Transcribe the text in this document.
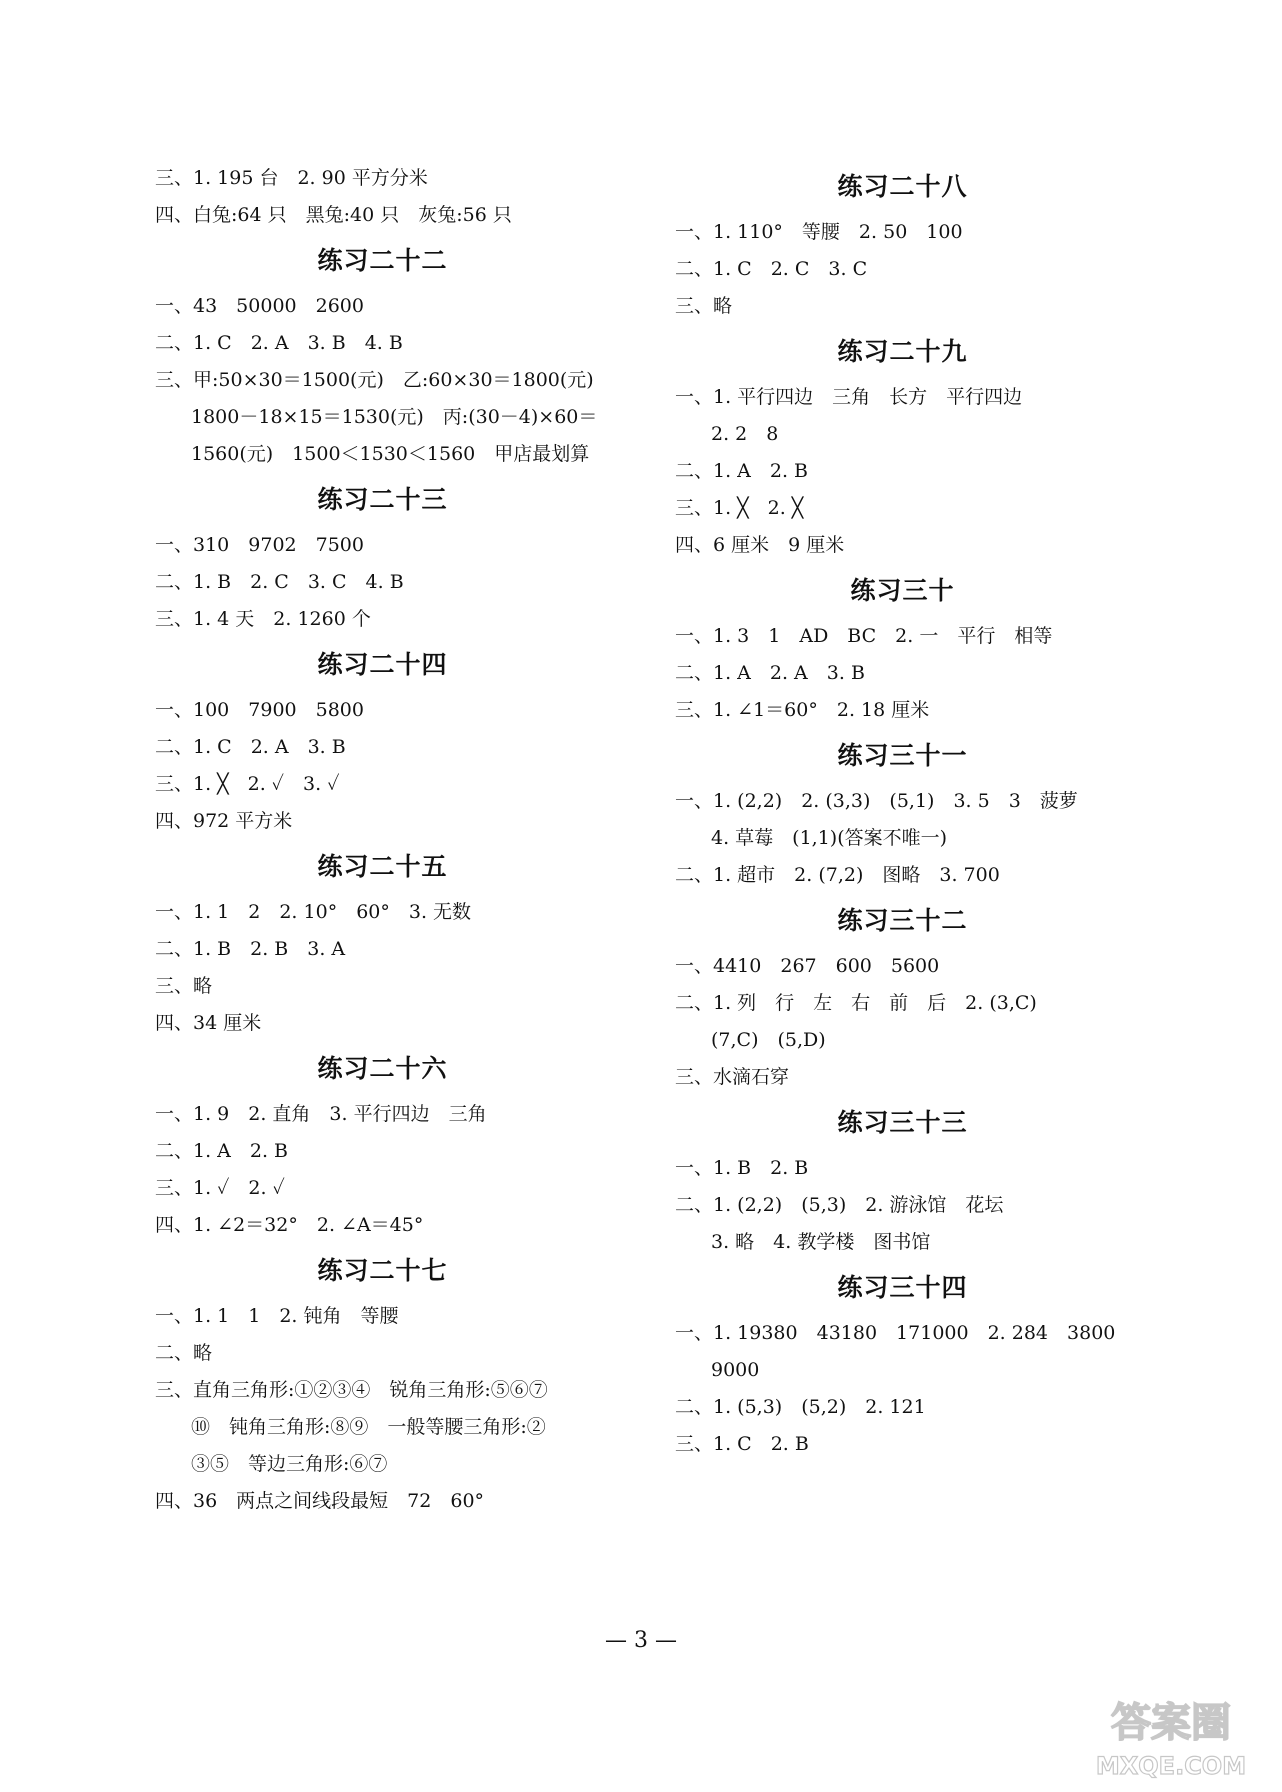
三、1. 195 台　2. 90 平方分米
四、白兔:64 只　黑兔:40 只　灰兔:56 只
练习二十二
一、43　50000　2600
二、1. C　2. A　3. B　4. B
三、甲:50×30＝1500(元)　乙:60×30＝1800(元)
1800－18×15＝1530(元)　丙:(30－4)×60＝
1560(元)　1500＜1530＜1560　甲店最划算
练习二十三
一、310　9702　7500
二、1. B　2. C　3. C　4. B
三、1. 4 天　2. 1260 个
练习二十四
一、100　7900　5800
二、1. C　2. A　3. B
三、1. ╳　2. ✓　3. ✓
四、972 平方米
练习二十五
一、1. 1　2　2. 10°　60°　3. 无数
二、1. B　2. B　3. A
三、略
四、34 厘米
练习二十六
一、1. 9　2. 直角　3. 平行四边　三角
二、1. A　2. B
三、1. ✓　2. ✓
四、1. ∠2＝32°　2. ∠A＝45°
练习二十七
一、1. 1　1　2. 钝角　等腰
二、略
三、直角三角形:①②③④　锐角三角形:⑤⑥⑦
⑩　钝角三角形:⑧⑨　一般等腰三角形:②
③⑤　等边三角形:⑥⑦
四、36　两点之间线段最短　72　60°
练习二十八
一、1. 110°　等腰　2. 50　100
二、1. C　2. C　3. C
三、略
练习二十九
一、1. 平行四边　三角　长方　平行四边
2. 2　8
二、1. A　2. B
三、1. ╳　2. ╳
四、6 厘米　9 厘米
练习三十
一、1. 3　1　AD　BC　2. 一　平行　相等
二、1. A　2. A　3. B
三、1. ∠1＝60°　2. 18 厘米
练习三十一
一、1. (2,2)　2. (3,3)　(5,1)　3. 5　3　菠萝
4. 草莓　(1,1)(答案不唯一)
二、1. 超市　2. (7,2)　图略　3. 700
练习三十二
一、4410　267　600　5600
二、1. 列　行　左　右　前　后　2. (3,C)
(7,C)　(5,D)
三、水滴石穿
练习三十三
一、1. B　2. B
二、1. (2,2)　(5,3)　2. 游泳馆　花坛
3. 略　4. 教学楼　图书馆
练习三十四
一、1. 19380　43180　171000　2. 284　3800
9000
二、1. (5,3)　(5,2)　2. 121
三、1. C　2. B
— 3 —
答案圈
MXQE.COM
